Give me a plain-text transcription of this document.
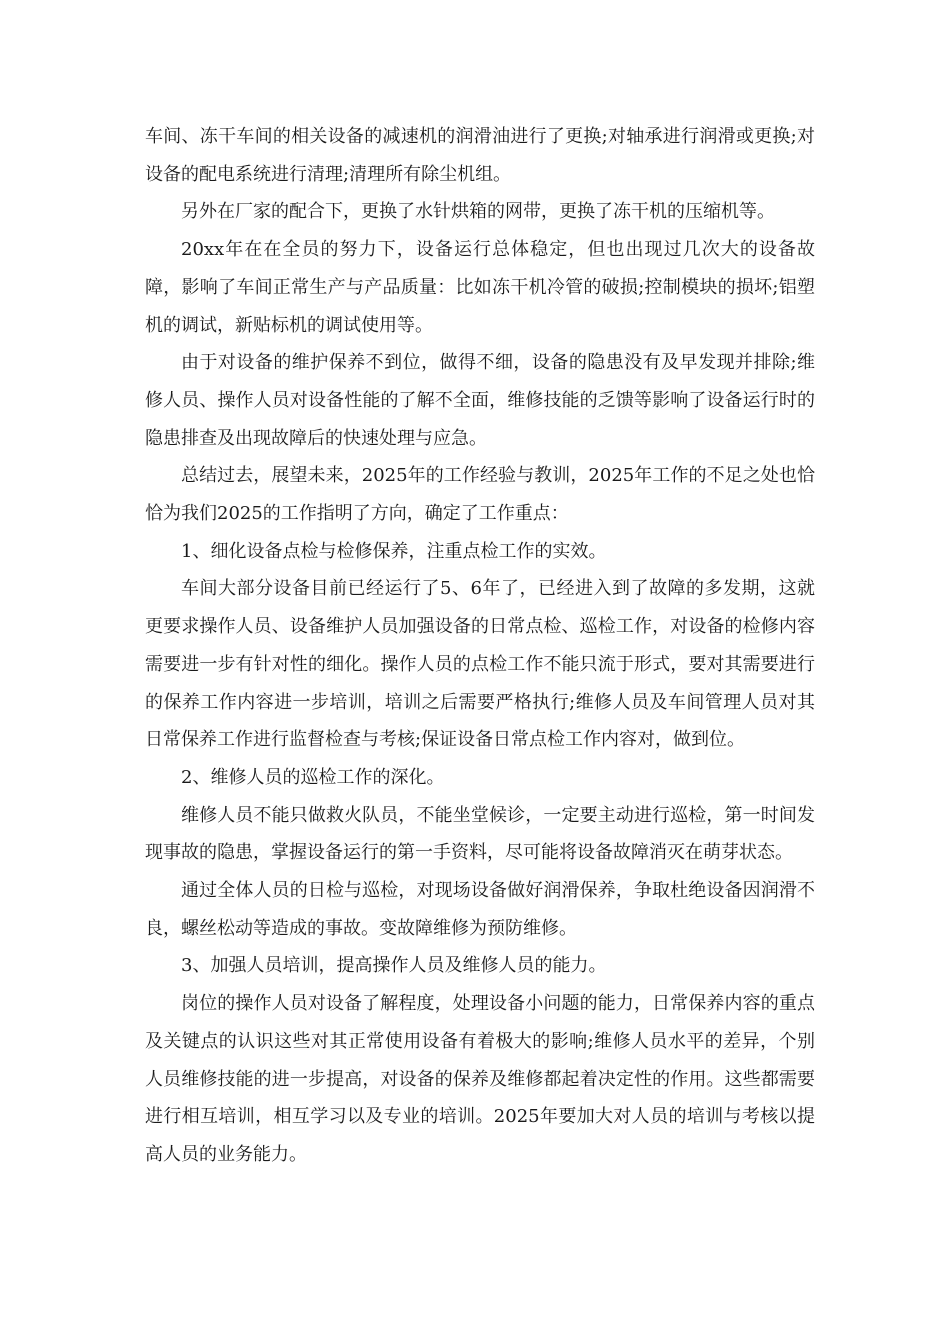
车间、冻干车间的相关设备的减速机的润滑油进行了更换;对轴承进行润滑或更换;对设备的配电系统进行清理;清理所有除尘机组。

另外在厂家的配合下，更换了水针烘箱的网带，更换了冻干机的压缩机等。

20xx年在在全员的努力下，设备运行总体稳定，但也出现过几次大的设备故障，影响了车间正常生产与产品质量：比如冻干机冷管的破损;控制模块的损坏;铝塑机的调试，新贴标机的调试使用等。

由于对设备的维护保养不到位，做得不细，设备的隐患没有及早发现并排除;维修人员、操作人员对设备性能的了解不全面，维修技能的乏馈等影响了设备运行时的隐患排查及出现故障后的快速处理与应急。

总结过去，展望未来，2025年的工作经验与教训，2025年工作的不足之处也恰恰为我们2025的工作指明了方向，确定了工作重点：

1、细化设备点检与检修保养，注重点检工作的实效。

车间大部分设备目前已经运行了5、6年了，已经进入到了故障的多发期，这就更要求操作人员、设备维护人员加强设备的日常点检、巡检工作，对设备的检修内容需要进一步有针对性的细化。操作人员的点检工作不能只流于形式，要对其需要进行的保养工作内容进一步培训，培训之后需要严格执行;维修人员及车间管理人员对其日常保养工作进行监督检查与考核;保证设备日常点检工作内容对，做到位。

2、维修人员的巡检工作的深化。

维修人员不能只做救火队员，不能坐堂候诊，一定要主动进行巡检，第一时间发现事故的隐患，掌握设备运行的第一手资料，尽可能将设备故障消灭在萌芽状态。

通过全体人员的日检与巡检，对现场设备做好润滑保养，争取杜绝设备因润滑不良，螺丝松动等造成的事故。变故障维修为预防维修。

3、加强人员培训，提高操作人员及维修人员的能力。

岗位的操作人员对设备了解程度，处理设备小问题的能力，日常保养内容的重点及关键点的认识这些对其正常使用设备有着极大的影响;维修人员水平的差异，个别人员维修技能的进一步提高，对设备的保养及维修都起着决定性的作用。这些都需要进行相互培训，相互学习以及专业的培训。2025年要加大对人员的培训与考核以提高人员的业务能力。
